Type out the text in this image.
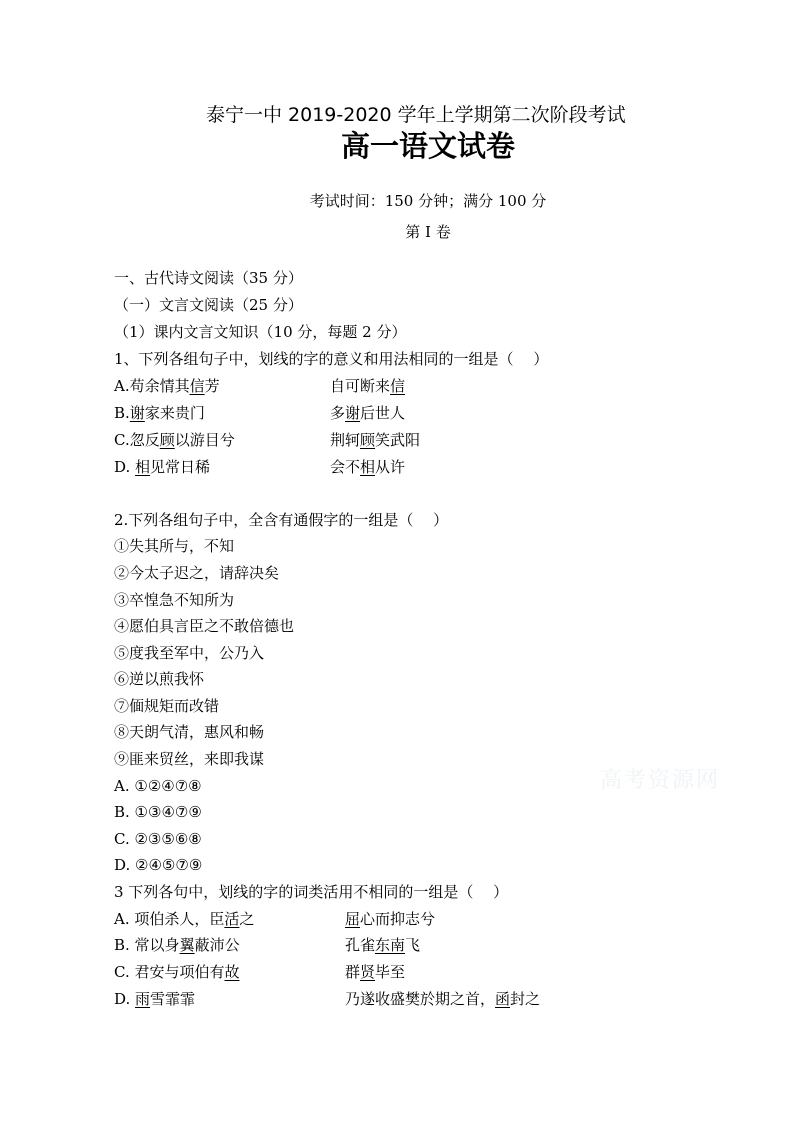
泰宁一中 2019-2020 学年上学期第二次阶段考试
高一语文试卷
考试时间：150 分钟；满分 100 分
第 I 卷
一、古代诗文阅读（35 分）
（一）文言文阅读（25 分）
（1）课内文言文知识（10 分，每题 2 分）
1、下列各组句子中，划线的字的意义和用法相同的一组是（　 ）
A.苟余情其信芳	自可断来信
B.谢家来贵门	多谢后世人
C.忽反顾以游目兮	荆轲顾笑武阳
D. 相见常日稀	会不相从许
2.下列各组句子中，全含有通假字的一组是（　 ）
①失其所与，不知
②今太子迟之，请辞决矣
③卒惶急不知所为
④愿伯具言臣之不敢倍德也
⑤度我至军中，公乃入
⑥逆以煎我怀
⑦偭规矩而改错
⑧天朗气清，惠风和畅
⑨匪来贸丝，来即我谋
A. ①②④⑦⑧
B. ①③④⑦⑨
C. ②③⑤⑥⑧
D. ②④⑤⑦⑨
3 下列各句中，划线的字的词类活用不相同的一组是（　 ）
A. 项伯杀人，臣活之	屈心而抑志兮
B. 常以身翼蔽沛公	孔雀东南飞
C. 君安与项伯有故	群贤毕至
D. 雨雪霏霏	乃遂收盛樊於期之首，函封之
高考资源网
